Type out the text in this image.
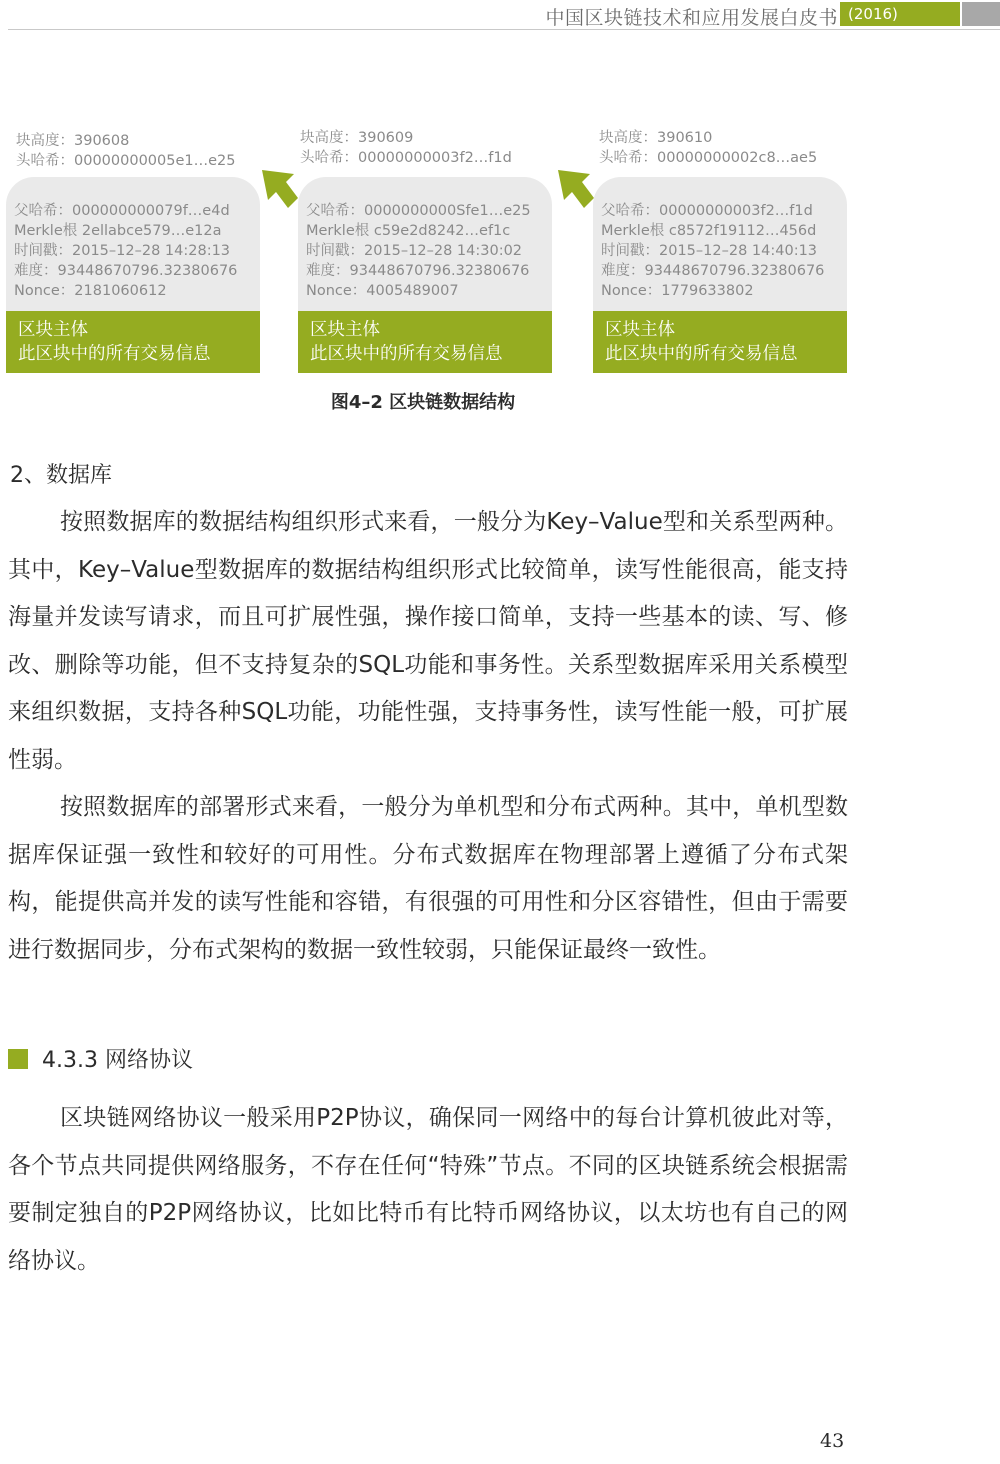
中国区块链技术和应用发展白皮书 (2016)
块高度：390608
头哈希：00000000005e1…e25
父哈希：000000000079f…e4d
Merkle根 2ellabce579…e12a
时间戳：2015–12–28 14:28:13
难度：93448670796.32380676
Nonce：2181060612
区块主体
此区块中的所有交易信息
块高度：390609
头哈希：00000000003f2…f1d
父哈希：0000000000Sfe1…e25
Merkle根 c59e2d8242…ef1c
时间戳：2015–12–28 14:30:02
难度：93448670796.32380676
Nonce：4005489007
区块主体
此区块中的所有交易信息
块高度：390610
头哈希：00000000002c8…ae5
父哈希：00000000003f2…f1d
Merkle根 c8572f19112…456d
时间戳：2015–12–28 14:40:13
难度：93448670796.32380676
Nonce：1779633802
区块主体
此区块中的所有交易信息
图4–2 区块链数据结构
2、数据库
按照数据库的数据结构组织形式来看，一般分为Key–Value型和关系型两种。其中，Key–Value型数据库的数据结构组织形式比较简单，读写性能很高，能支持海量并发读写请求，而且可扩展性强，操作接口简单，支持一些基本的读、写、修改、删除等功能，但不支持复杂的SQL功能和事务性。关系型数据库采用关系模型来组织数据，支持各种SQL功能，功能性强，支持事务性，读写性能一般，可扩展性弱。
按照数据库的部署形式来看，一般分为单机型和分布式两种。其中，单机型数据库保证强一致性和较好的可用性。分布式数据库在物理部署上遵循了分布式架构，能提供高并发的读写性能和容错，有很强的可用性和分区容错性，但由于需要进行数据同步，分布式架构的数据一致性较弱，只能保证最终一致性。
4.3.3 网络协议
区块链网络协议一般采用P2P协议，确保同一网络中的每台计算机彼此对等，各个节点共同提供网络服务，不存在任何“特殊”节点。不同的区块链系统会根据需要制定独自的P2P网络协议，比如比特币有比特币网络协议，以太坊也有自己的网络协议。
43
